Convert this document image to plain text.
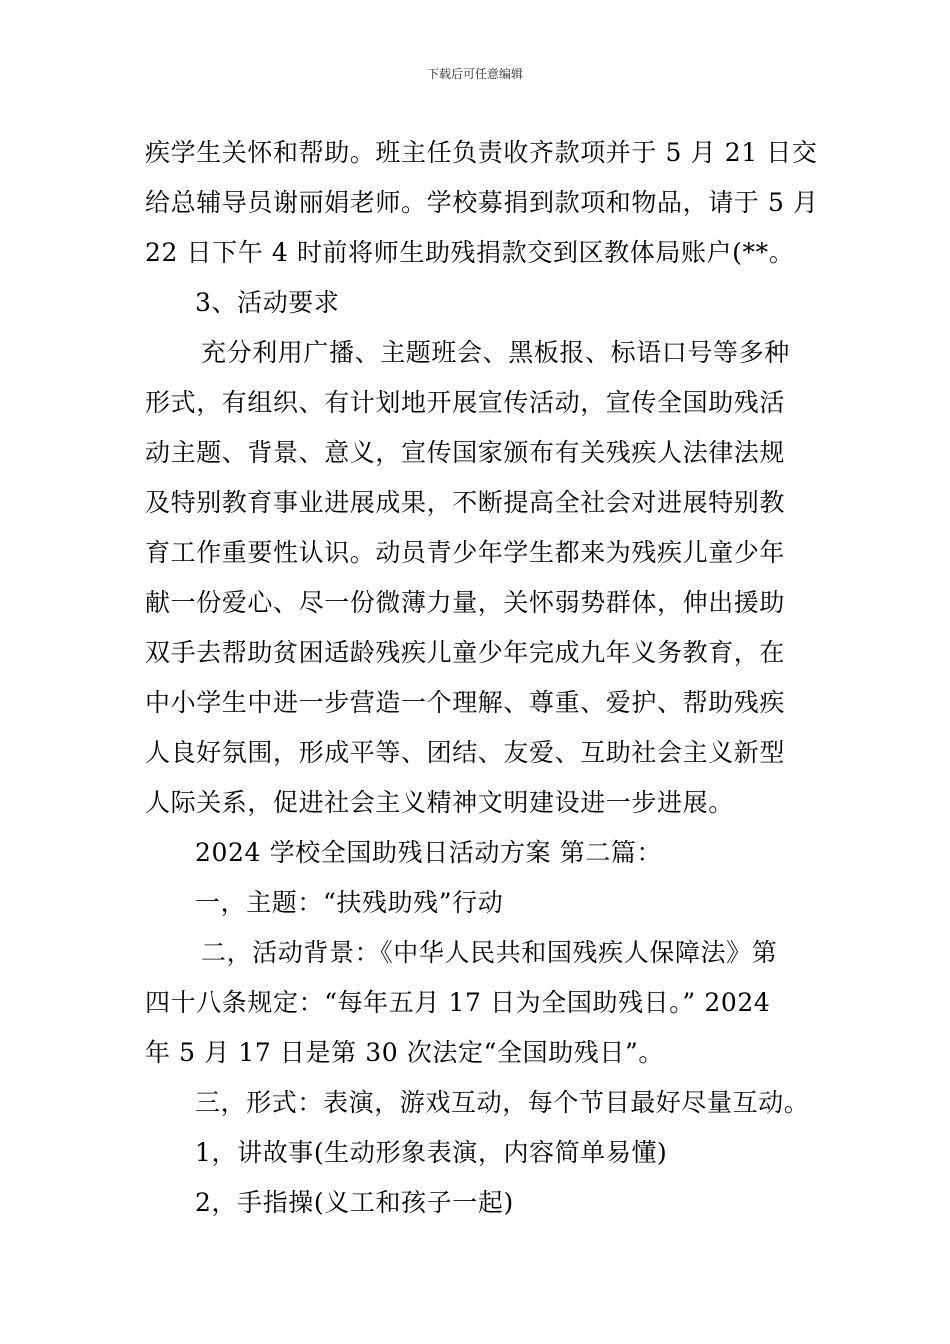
下载后可任意编辑
疾学生关怀和帮助。班主任负责收齐款项并于 5 月 21 日交
给总辅导员谢丽娟老师。学校募捐到款项和物品，请于 5 月
22 日下午 4 时前将师生助残捐款交到区教体局账户(**。
3、活动要求
充分利用广播、主题班会、黑板报、标语口号等多种
形式，有组织、有计划地开展宣传活动，宣传全国助残活
动主题、背景、意义，宣传国家颁布有关残疾人法律法规
及特别教育事业进展成果，不断提高全社会对进展特别教
育工作重要性认识。动员青少年学生都来为残疾儿童少年
献一份爱心、尽一份微薄力量，关怀弱势群体，伸出援助
双手去帮助贫困适龄残疾儿童少年完成九年义务教育，在
中小学生中进一步营造一个理解、尊重、爱护、帮助残疾
人良好氛围，形成平等、团结、友爱、互助社会主义新型
人际关系，促进社会主义精神文明建设进一步进展。
2024 学校全国助残日活动方案 第二篇：
一，主题：“扶残助残”行动
二，活动背景：《中华人民共和国残疾人保障法》第
四十八条规定：“每年五月 17 日为全国助残日。” 2024
年 5 月 17 日是第 30 次法定“全国助残日”。
三，形式：表演，游戏互动，每个节目最好尽量互动。
1，讲故事(生动形象表演，内容简单易懂)
2，手指操(义工和孩子一起)
